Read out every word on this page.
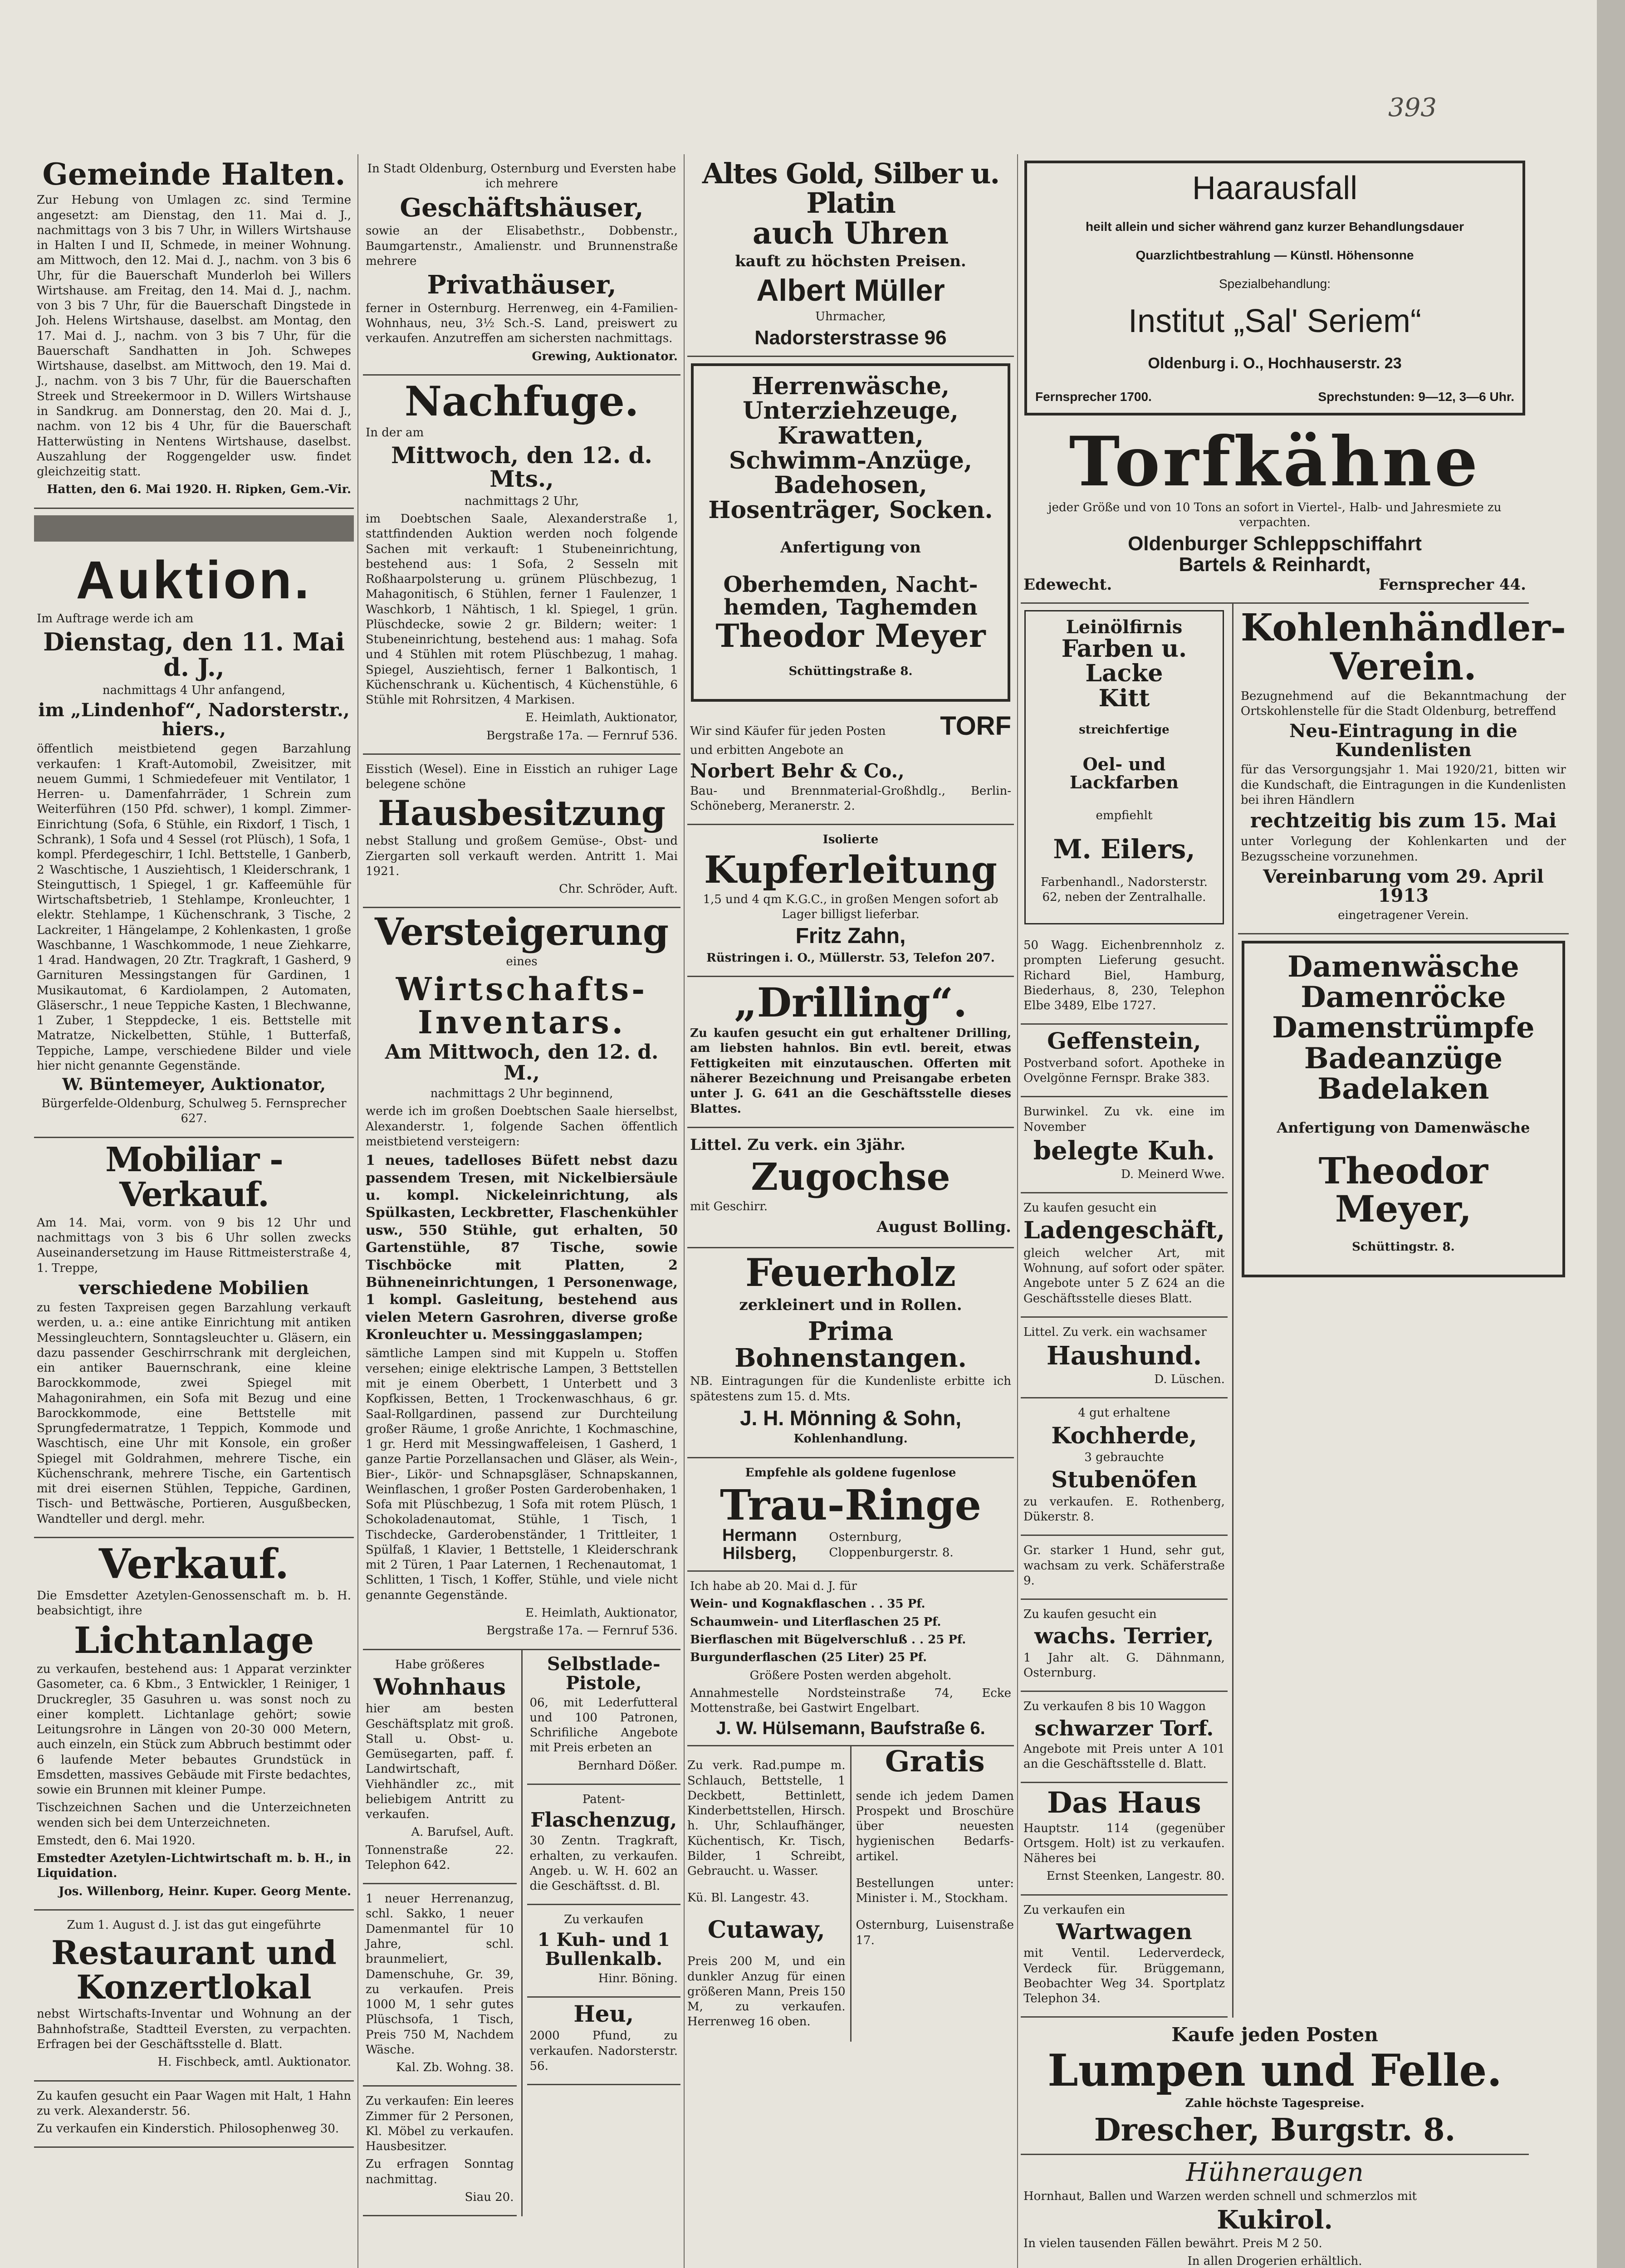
393
Gemeinde Halten.

Zur Hebung von Umlagen zc. sind Termine angesetzt: am Dienstag, den 11. Mai d. J., nachmittags von 3 bis 7 Uhr, in Willers Wirtshause in Halten I und II, Schmede, in meiner Wohnung. am Mittwoch, den 12. Mai d. J., nachm. von 3 bis 6 Uhr, für die Bauerschaft Munderloh bei Willers Wirtshause. am Freitag, den 14. Mai d. J., nachm. von 3 bis 7 Uhr, für die Bauerschaft Dingstede in Joh. Helens Wirtshause, daselbst. am Montag, den 17. Mai d. J., nachm. von 3 bis 7 Uhr, für die Bauerschaft Sandhatten in Joh. Schwepes Wirtshause, daselbst. am Mittwoch, den 19. Mai d. J., nachm. von 3 bis 7 Uhr, für die Bauerschaften Streek und Streekermoor in D. Willers Wirtshause in Sandkrug. am Donnerstag, den 20. Mai d. J., nachm. von 12 bis 4 Uhr, für die Bauerschaft Hatterwüsting in Nentens Wirtshause, daselbst. Auszahlung der Roggengelder usw. findet gleichzeitig statt.

Hatten, den 6. Mai 1920. H. Ripken, Gem.-Vir.

Auktion.

Im Auftrage werde ich am

Dienstag, den 11. Mai d. J.,

nachmittags 4 Uhr anfangend,

im „Lindenhof“, Nadorsterstr., hiers.,

öffentlich meistbietend gegen Barzahlung verkaufen: 1 Kraft-Automobil, Zweisitzer, mit neuem Gummi, 1 Schmiedefeuer mit Ventilator, 1 Herren- u. Damenfahrräder, 1 Schrein zum Weiterführen (150 Pfd. schwer), 1 kompl. Zimmer-Einrichtung (Sofa, 6 Stühle, ein Rixdorf, 1 Tisch, 1 Schrank), 1 Sofa und 4 Sessel (rot Plüsch), 1 Sofa, 1 kompl. Pferdegeschirr, 1 Ichl. Bettstelle, 1 Ganberb, 2 Waschtische, 1 Ausziehtisch, 1 Kleiderschrank, 1 Steinguttisch, 1 Spiegel, 1 gr. Kaffeemühle für Wirtschaftsbetrieb, 1 Stehlampe, Kronleuchter, 1 elektr. Stehlampe, 1 Küchenschrank, 3 Tische, 2 Lackreiter, 1 Hängelampe, 2 Kohlenkasten, 1 große Waschbanne, 1 Waschkommode, 1 neue Ziehkarre, 1 4rad. Handwagen, 20 Ztr. Tragkraft, 1 Gasherd, 9 Garnituren Messingstangen für Gardinen, 1 Musikautomat, 6 Kardiolampen, 2 Automaten, Gläserschr., 1 neue Teppiche Kasten, 1 Blechwanne, 1 Zuber, 1 Steppdecke, 1 eis. Bettstelle mit Matratze, Nickelbetten, Stühle, 1 Butterfaß, Teppiche, Lampe, verschiedene Bilder und viele hier nicht genannte Gegenstände.

W. Büntemeyer, Auktionator,

Bürgerfelde-Oldenburg, Schulweg 5. Fernsprecher 627.

Mobiliar - Verkauf.

Am 14. Mai, vorm. von 9 bis 12 Uhr und nachmittags von 3 bis 6 Uhr sollen zwecks Auseinandersetzung im Hause Rittmeisterstraße 4, 1. Treppe,

verschiedene Mobilien

zu festen Taxpreisen gegen Barzahlung verkauft werden, u. a.: eine antike Einrichtung mit antiken Messingleuchtern, Sonntagsleuchter u. Gläsern, ein dazu passender Geschirrschrank mit dergleichen, ein antiker Bauernschrank, eine kleine Barockkommode, zwei Spiegel mit Mahagonirahmen, ein Sofa mit Bezug und eine Barockkommode, eine Bettstelle mit Sprungfedermatratze, 1 Teppich, Kommode und Waschtisch, eine Uhr mit Konsole, ein großer Spiegel mit Goldrahmen, mehrere Tische, ein Küchenschrank, mehrere Tische, ein Gartentisch mit drei eisernen Stühlen, Teppiche, Gardinen, Tisch- und Bettwäsche, Portieren, Ausgußbecken, Wandteller und dergl. mehr.

Verkauf.

Die Emsdetter Azetylen-Genossenschaft m. b. H. beabsichtigt, ihre

Lichtanlage

zu verkaufen, bestehend aus: 1 Apparat verzinkter Gasometer, ca. 6 Kbm., 3 Entwickler, 1 Reiniger, 1 Druckregler, 35 Gasuhren u. was sonst noch zu einer komplett. Lichtanlage gehört; sowie Leitungsrohre in Längen von 20-30 000 Metern, auch einzeln, ein Stück zum Abbruch bestimmt oder 6 laufende Meter bebautes Grundstück in Emsdetten, massives Gebäude mit Firste bedachtes, sowie ein Brunnen mit kleiner Pumpe.

Tischzeichnen Sachen und die Unterzeichneten wenden sich bei dem Unterzeichneten.

Emstedt, den 6. Mai 1920.

Emstedter Azetylen-Lichtwirtschaft m. b. H., in Liquidation.

Jos. Willenborg, Heinr. Kuper. Georg Mente.

Zum 1. August d. J. ist das gut eingeführte

Restaurant und Konzertlokal

nebst Wirtschafts-Inventar und Wohnung an der Bahnhofstraße, Stadtteil Eversten, zu verpachten. Erfragen bei der Geschäftsstelle d. Blatt.

H. Fischbeck, amtl. Auktionator.

Zu kaufen gesucht ein Paar Wagen mit Halt, 1 Hahn zu verk. Alexanderstr. 56.

Zu verkaufen ein Kinderstich. Philosophenweg 30.

In Stadt Oldenburg, Osternburg und Eversten habe ich mehrere

Geschäftshäuser,

sowie an der Elisabethstr., Dobbenstr., Baumgartenstr., Amalienstr. und Brunnenstraße mehrere

Privathäuser,

ferner in Osternburg. Herrenweg, ein 4-Familien-Wohnhaus, neu, 3½ Sch.-S. Land, preiswert zu verkaufen. Anzutreffen am sichersten nachmittags.

Grewing, Auktionator.

Nachfuge.

In der am

Mittwoch, den 12. d. Mts.,

nachmittags 2 Uhr,

im Doebtschen Saale, Alexanderstraße 1, stattfindenden Auktion werden noch folgende Sachen mit verkauft: 1 Stubeneinrichtung, bestehend aus: 1 Sofa, 2 Sesseln mit Roßhaarpolsterung u. grünem Plüschbezug, 1 Mahagonitisch, 6 Stühlen, ferner 1 Faulenzer, 1 Waschkorb, 1 Nähtisch, 1 kl. Spiegel, 1 grün. Plüschdecke, sowie 2 gr. Bildern; weiter: 1 Stubeneinrichtung, bestehend aus: 1 mahag. Sofa und 4 Stühlen mit rotem Plüschbezug, 1 mahag. Spiegel, Ausziehtisch, ferner 1 Balkontisch, 1 Küchenschrank u. Küchentisch, 4 Küchenstühle, 6 Stühle mit Rohrsitzen, 4 Markisen.

E. Heimlath, Auktionator,

Bergstraße 17a. — Fernruf 536.

Eisstich (Wesel). Eine in Eisstich an ruhiger Lage belegene schöne

Hausbesitzung

nebst Stallung und großem Gemüse-, Obst- und Ziergarten soll verkauft werden. Antritt 1. Mai 1921.

Chr. Schröder, Auft.

Versteigerung

eines

Wirtschafts-Inventars.

Am Mittwoch, den 12. d. M.,

nachmittags 2 Uhr beginnend,

werde ich im großen Doebtschen Saale hierselbst, Alexanderstr. 1, folgende Sachen öffentlich meistbietend versteigern:

1 neues, tadelloses Büfett nebst dazu passendem Tresen, mit Nickelbiersäule u. kompl. Nickeleinrichtung, als Spülkasten, Leckbretter, Flaschenkühler usw., 550 Stühle, gut erhalten, 50 Gartenstühle, 87 Tische, sowie Tischböcke mit Platten, 2 Bühneneinrichtungen, 1 Personenwage, 1 kompl. Gasleitung, bestehend aus vielen Metern Gasrohren, diverse große Kronleuchter u. Messinggaslampen;

sämtliche Lampen sind mit Kuppeln u. Stoffen versehen; einige elektrische Lampen, 3 Bettstellen mit je einem Oberbett, 1 Unterbett und 3 Kopfkissen, Betten, 1 Trockenwaschhaus, 6 gr. Saal-Rollgardinen, passend zur Durchteilung großer Räume, 1 große Anrichte, 1 Kochmaschine, 1 gr. Herd mit Messingwaffeleisen, 1 Gasherd, 1 ganze Partie Porzellansachen und Gläser, als Wein-, Bier-, Likör- und Schnapsgläser, Schnapskannen, Weinflaschen, 1 großer Posten Garderobenhaken, 1 Sofa mit Plüschbezug, 1 Sofa mit rotem Plüsch, 1 Schokoladenautomat, Stühle, 1 Tisch, 1 Tischdecke, Garderobenständer, 1 Trittleiter, 1 Spülfaß, 1 Klavier, 1 Bettstelle, 1 Kleiderschrank mit 2 Türen, 1 Paar Laternen, 1 Rechenautomat, 1 Schlitten, 1 Tisch, 1 Koffer, Stühle, und viele nicht genannte Gegenstände.

E. Heimlath, Auktionator,

Bergstraße 17a. — Fernruf 536.

Habe größeres

Wohnhaus

hier am besten Geschäftsplatz mit groß. Stall u. Obst- u. Gemüsegarten, paff. f. Landwirtschaft, Viehhändler zc., mit beliebigem Antritt zu verkaufen.

A. Barufsel, Auft.

Tonnenstraße 22. Telephon 642.

1 neuer Herrenanzug, schl. Sakko, 1 neuer Damenmantel für 10 Jahre, schl. braunmeliert, Damenschuhe, Gr. 39, zu verkaufen. Preis 1000 M, 1 sehr gutes Plüschsofa, 1 Tisch, Preis 750 M, Nachdem Wäsche.

Kal. Zb. Wohng. 38.

Zu verkaufen: Ein leeres Zimmer für 2 Personen, Kl. Möbel zu verkaufen. Hausbesitzer.

Zu erfragen Sonntag nachmittag.

Siau 20.

Selbstlade-Pistole,

06, mit Lederfutteral und 100 Patronen, Schrifiliche Angebote mit Preis erbeten an

Bernhard Dößer.

Patent-

Flaschenzug,

30 Zentn. Tragkraft, erhalten, zu verkaufen. Angeb. u. W. H. 602 an die Geschäftsst. d. Bl.

Zu verkaufen

1 Kuh- und 1 Bullenkalb.

Hinr. Böning.

Heu,

2000 Pfund, zu verkaufen. Nadorsterstr. 56.

Altes Gold, Silber u. Platin
auch Uhren

kauft zu höchsten Preisen.

Albert Müller

Uhrmacher,

Nadorsterstrasse 96
Herrenwäsche,
Unterziehzeuge,
Krawatten,
Schwimm-Anzüge,
Badehosen,
Hosenträger, Socken.

Anfertigung von

Oberhemden, Nacht-
hemden, Taghemden
Theodor Meyer

Schüttingstraße 8.

Wir sind Käufer für jeden Posten TORF

und erbitten Angebote an

Norbert Behr & Co.,

Bau- und Brennmaterial-Großhdlg., Berlin-Schöneberg, Meranerstr. 2.

Isolierte

Kupferleitung

1,5 und 4 qm K.G.C., in großen Mengen sofort ab Lager billigst lieferbar.

Fritz Zahn,

Rüstringen i. O., Müllerstr. 53, Telefon 207.

„Drilling“.

Zu kaufen gesucht ein gut erhaltener Drilling, am liebsten hahnlos. Bin evtl. bereit, etwas Fettigkeiten mit einzutauschen. Offerten mit näherer Bezeichnung und Preisangabe erbeten unter J. G. 641 an die Geschäftsstelle dieses Blattes.

Littel. Zu verk. ein 3jähr.

Zugochse

mit Geschirr.

August Bolling.

Feuerholz

zerkleinert und in Rollen.

Prima Bohnenstangen.

NB. Eintragungen für die Kundenliste erbitte ich spätestens zum 15. d. Mts.

J. H. Mönning & Sohn,

Kohlenhandlung.

Empfehle als goldene fugenlose

Trau-Ringe
Hermann Hilsberg,
Osternburg, Cloppenburgerstr. 8.

Ich habe ab 20. Mai d. J. für

Wein- und Kognakflaschen . . 35 Pf.

Schaumwein- und Literflaschen 25 Pf.

Bierflaschen mit Bügelverschluß . . 25 Pf.

Burgunderflaschen (25 Liter) 25 Pf.

Größere Posten werden abgeholt.

Annahmestelle Nordsteinstraße 74, Ecke Mottenstraße, bei Gastwirt Engelbart.

J. W. Hülsemann, Baufstraße 6.

Zu verk. Rad.pumpe m. Schlauch, Bettstelle, 1 Deckbett, Bettinlett, Kinderbettstellen, Hirsch. h. Uhr, Schlaufhänger, Küchentisch, Kr. Tisch, Bilder, 1 Schreibt, Gebraucht. u. Wasser.

Kü. Bl. Langestr. 43.

Cutaway,

Preis 200 M, und ein dunkler Anzug für einen größeren Mann, Preis 150 M, zu verkaufen. Herrenweg 16 oben.

Gratis

sende ich jedem Damen Prospekt und Broschüre über neuesten hygienischen Bedarfs-artikel.

Bestellungen unter: Minister i. M., Stockham.

Osternburg, Luisenstraße 17.

Haarausfall

heilt allein und sicher während ganz kurzer Behandlungsdauer

Quarzlichtbestrahlung — Künstl. Höhensonne

Spezialbehandlung:

Institut „Sal' Seriem“

Oldenburg i. O., Hochhauserstr. 23

Fernsprecher 1700.	Sprechstunden: 9—12, 3—6 Uhr.
Torfkähne

jeder Größe und von 10 Tons an sofort in Viertel-, Halb- und Jahresmiete zu verpachten.

Oldenburger Schleppschiffahrt
Bartels & Reinhardt,
Edewecht.	Fernsprecher 44.
Leinölfirnis
Farben u.
Lacke
Kitt

streichfertige

Oel- und Lackfarben

empfiehlt

M. Eilers,

Farbenhandl., Nadorsterstr. 62, neben der Zentralhalle.

50 Wagg. Eichenbrennholz z. prompten Lieferung gesucht. Richard Biel, Hamburg, Biederhaus, 8, 230, Telephon Elbe 3489, Elbe 1727.

Geffenstein,

Postverband sofort. Apotheke in Ovelgönne Fernspr. Brake 383.

Burwinkel. Zu vk. eine im November

belegte Kuh.

D. Meinerd Wwe.

Zu kaufen gesucht ein

Ladengeschäft,

gleich welcher Art, mit Wohnung, auf sofort oder später. Angebote unter 5 Z 624 an die Geschäftsstelle dieses Blatt.

Littel. Zu verk. ein wachsamer

Haushund.

D. Lüschen.

4 gut erhaltene

Kochherde,

3 gebrauchte

Stubenöfen

zu verkaufen. E. Rothenberg, Dükerstr. 8.

Gr. starker 1 Hund, sehr gut, wachsam zu verk. Schäferstraße 9.

Zu kaufen gesucht ein

wachs. Terrier,

1 Jahr alt. G. Dähnmann, Osternburg.

Zu verkaufen 8 bis 10 Waggon

schwarzer Torf.

Angebote mit Preis unter A 101 an die Geschäftsstelle d. Blatt.

Das Haus

Hauptstr. 114 (gegenüber Ortsgem. Holt) ist zu verkaufen. Näheres bei

Ernst Steenken, Langestr. 80.

Zu verkaufen ein

Wartwagen

mit Ventil. Lederverdeck, Verdeck für. Brüggemann, Beobachter Weg 34. Sportplatz Telephon 34.

Kohlenhändler-
Verein.

Bezugnehmend auf die Bekanntmachung der Ortskohlenstelle für die Stadt Oldenburg, betreffend

Neu-Eintragung in die Kundenlisten

für das Versorgungsjahr 1. Mai 1920/21, bitten wir die Kundschaft, die Eintragungen in die Kundenlisten bei ihren Händlern

rechtzeitig bis zum 15. Mai

unter Vorlegung der Kohlenkarten und der Bezugsscheine vorzunehmen.

Vereinbarung vom 29. April 1913

eingetragener Verein.

Damenwäsche
Damenröcke
Damenstrümpfe
Badeanzüge
Badelaken

Anfertigung von Damenwäsche

Theodor Meyer,

Schüttingstr. 8.

Kaufe jeden Posten

Lumpen und Felle.

Zahle höchste Tagespreise.

Drescher, Burgstr. 8.
Hühneraugen

Hornhaut, Ballen und Warzen werden schnell und schmerzlos mit

Kukirol.

In vielen tausenden Fällen bewährt. Preis M 2 50.

In allen Drogerien erhältlich.
